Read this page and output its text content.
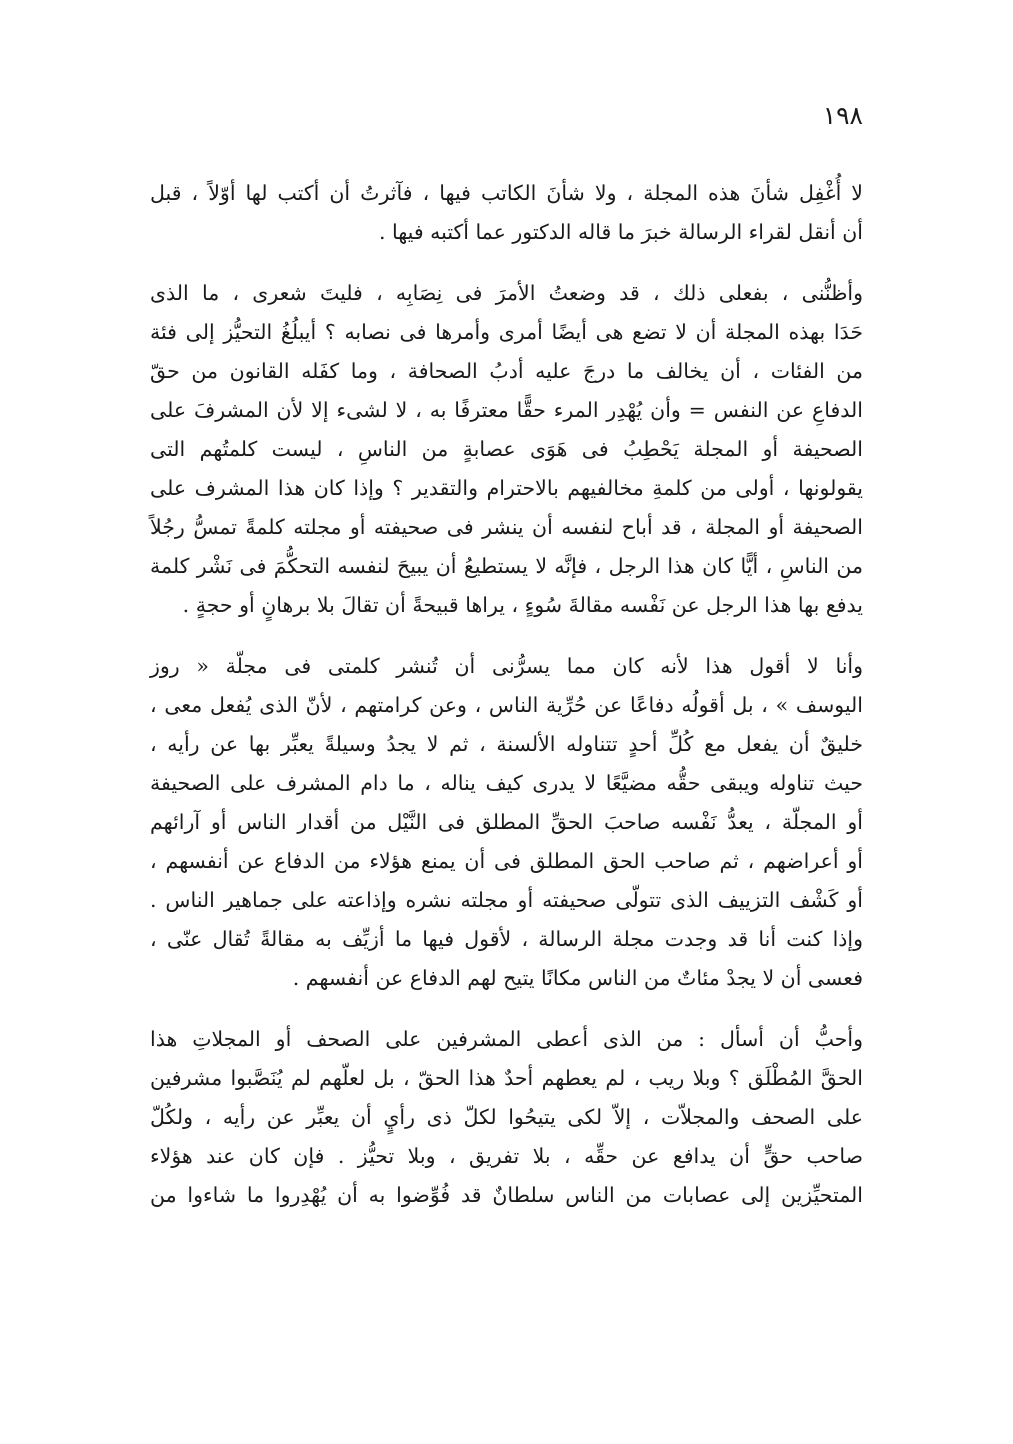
١٩٨
لا أُغْفِل شأنَ هذه المجلة ، ولا شأنَ الكاتب فيها ، فآثرتُ أن أكتب لها أوّلاً ، قبل
أن أنقل لقراء الرسالة خبرَ ما قاله الدكتور عما أكتبه فيها .
وأظنُّنى ، بفعلى ذلك ، قد وضعتُ الأمرَ فى نِصَابِه ، فليتَ شعرى ، ما الذى
حَدَا بهذه المجلة أن لا تضع هى أيضًا أمرى وأمرها فى نصابه ؟ أيبلُغُ التحيُّز إلى فئة
من الفئات ، أن يخالف ما درجَ عليه أدبُ الصحافة ، وما كفَله القانون من حقّ
الدفاعِ عن النفس = وأن يُهْدِر المرء حقًّا معترفًا به ، لا لشىء إلا لأن المشرفَ على
الصحيفة أو المجلة يَحْطِبُ فى هَوَى عصابةٍ من الناسِ ، ليست كلمتُهم التى
يقولونها ، أولى من كلمةِ مخالفيهم بالاحترام والتقدير ؟ وإذا كان هذا المشرف على
الصحيفة أو المجلة ، قد أباح لنفسه أن ينشر فى صحيفته أو مجلته كلمةً تمسُّ رجُلاً
من الناسِ ، أيًّا كان هذا الرجل ، فإنَّه لا يستطيعُ أن يبيحَ لنفسه التحكُّمَ فى نَشْر كلمة
يدفع بها هذا الرجل عن نَفْسه مقالةَ سُوءٍ ، يراها قبيحةً أن تقالَ بلا برهانٍ أو حجةٍ .
وأنا لا أقول هذا لأنه كان مما يسرُّنى أن تُنشر كلمتى فى مجلّة « روز
اليوسف » ، بل أقولُه دفاعًا عن حُرِّية الناس ، وعن كرامتهم ، لأنّ الذى يُفعل معى ،
خليقٌ أن يفعل مع كُلِّ أحدٍ تتناوله الألسنة ، ثم لا يجدُ وسيلةً يعبِّر بها عن رأيه ،
حيث تناوله ويبقى حقُّه مضيَّعًا لا يدرى كيف يناله ، ما دام المشرف على الصحيفة
أو المجلّة ، يعدُّ نَفْسه صاحبَ الحقِّ المطلق فى النَّيْل من أقدار الناس أو آرائهم
أو أعراضهم ، ثم صاحب الحق المطلق فى أن يمنع هؤلاء من الدفاع عن أنفسهم ،
أو كَشْف التزييف الذى تتولّى صحيفته أو مجلته نشره وإذاعته على جماهير الناس .
وإذا كنت أنا قد وجدت مجلة الرسالة ، لأقول فيها ما أزيِّف به مقالةً تُقال عنّى ،
فعسى أن لا يجدْ مئاتٌ من الناس مكانًا يتيح لهم الدفاع عن أنفسهم .
وأحبُّ أن أسأل : من الذى أعطى المشرفين على الصحف أو المجلاتِ هذا
الحقَّ المُطْلَق ؟ وبلا ريب ، لم يعطهم أحدٌ هذا الحقّ ، بل لعلّهم لم يُنَصَّبوا مشرفين
على الصحف والمجلاّت ، إلاّ لكى يتيحُوا لكلّ ذى رأيٍ أن يعبِّر عن رأيه ، ولكُلّ
صاحب حقٍّ أن يدافع عن حقِّه ، بلا تفريق ، وبلا تحيُّز . فإن كان عند هؤلاء
المتحيِّزين إلى عصابات من الناس سلطانٌ قد فُوِّضوا به أن يُهْدِروا ما شاءوا من
